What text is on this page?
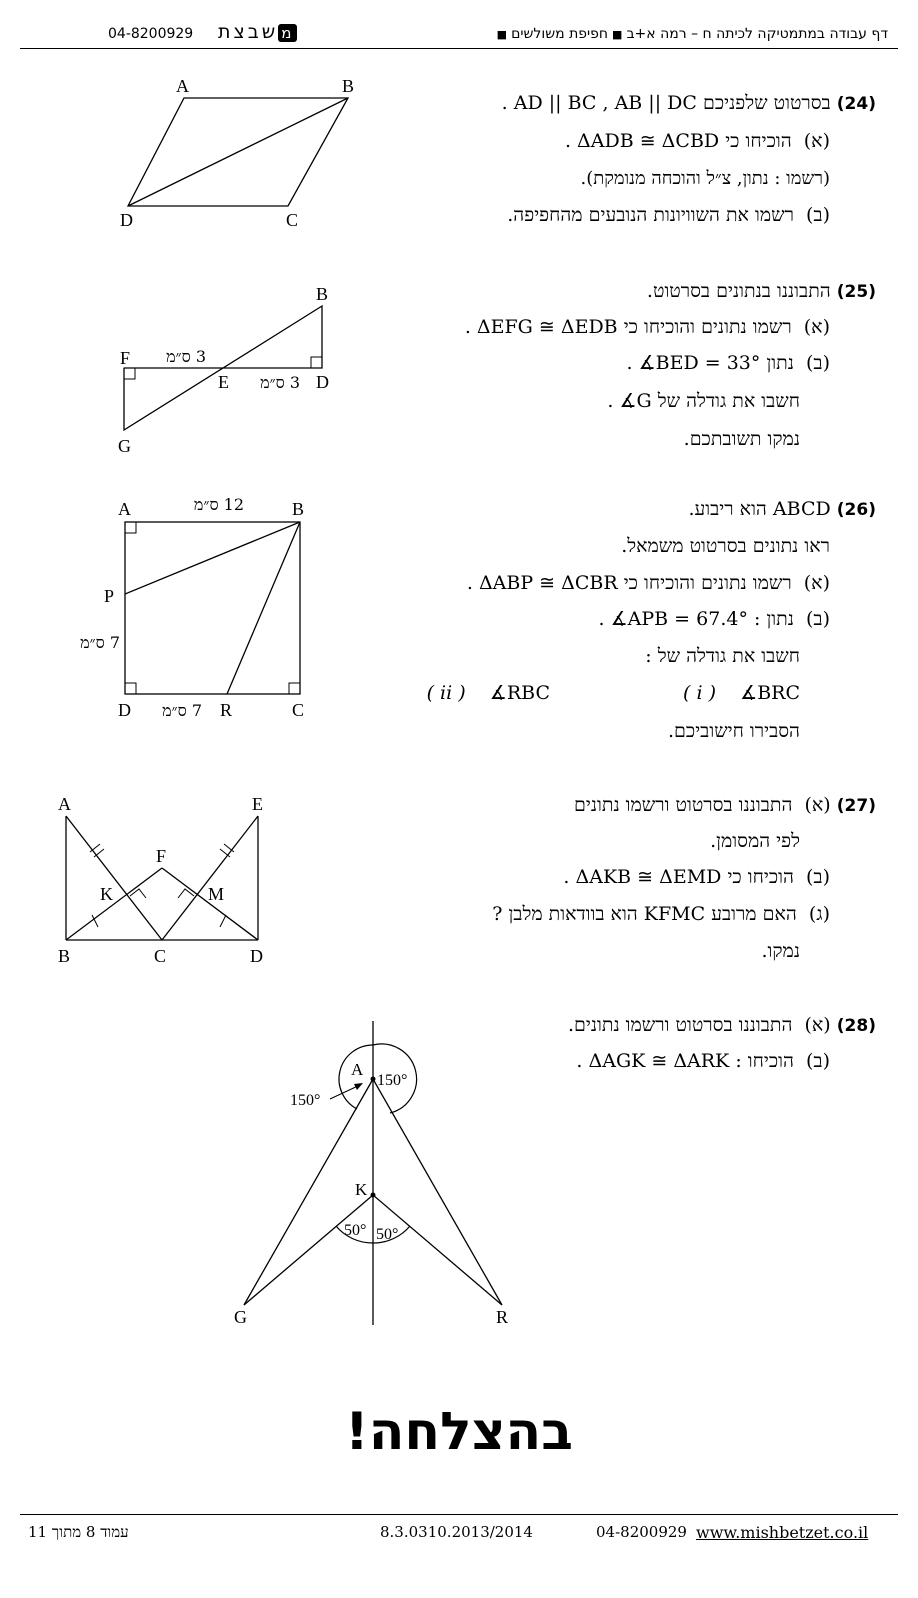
04-8200929	משבצת	דף עבודה במתמטיקה לכיתה ח – רמה א+ב■חפיפת משולשים■
(24) בסרטוט שלפניכם AD || BC , AB || DC .
(א)  הוכיחו כי ΔADB ≅ ΔCBD .
(רשמו : נתון, צ״ל והוכחה מנומקת).
(ב)  רשמו את השוויונות הנובעים מהחפיפה.
A	B
C
D
(25) התבוננו בנתונים בסרטוט.
(א)  רשמו נתונים והוכיחו כי ΔEFG ≅ ΔEDB .
(ב)  נתון ∡BED = 33° .
חשבו את גודלה של ∡G .
נמקו תשובתכם.
B
F
E	D
G
3 ס״מ
3 ס״מ
(26) ABCD הוא ריבוע.
ראו נתונים בסרטוט משמאל.
(א)  רשמו נתונים והוכיחו כי ΔABP ≅ ΔCBR .
(ב)  נתון : ∡APB = 67.4° .
חשבו את גודלה של :
( i ) ∡BRC
( ii ) ∡RBC
הסבירו חישוביכם.
A	B
P
D	R	C
12 ס״מ
7 ס״מ
7 ס״מ
(27) (א)  התבוננו בסרטוט ורשמו נתונים
לפי המסומן.
(ב)  הוכיחו כי ΔAKB ≅ ΔEMD .
(ג)  האם מרובע KFMC הוא בוודאות מלבן ?
נמקו.
A	E
F
K	M
B	C	D
(28) (א)  התבוננו בסרטוט ורשמו נתונים.
(ב)  הוכיחו : ΔAGK ≅ ΔARK .
A
K
G	R
150°
150°
50° 50°
בהצלחה!
עמוד 8 מתוך 11	8.3.0310.2013/2014	04-8200929 www.mishbetzet.co.il
